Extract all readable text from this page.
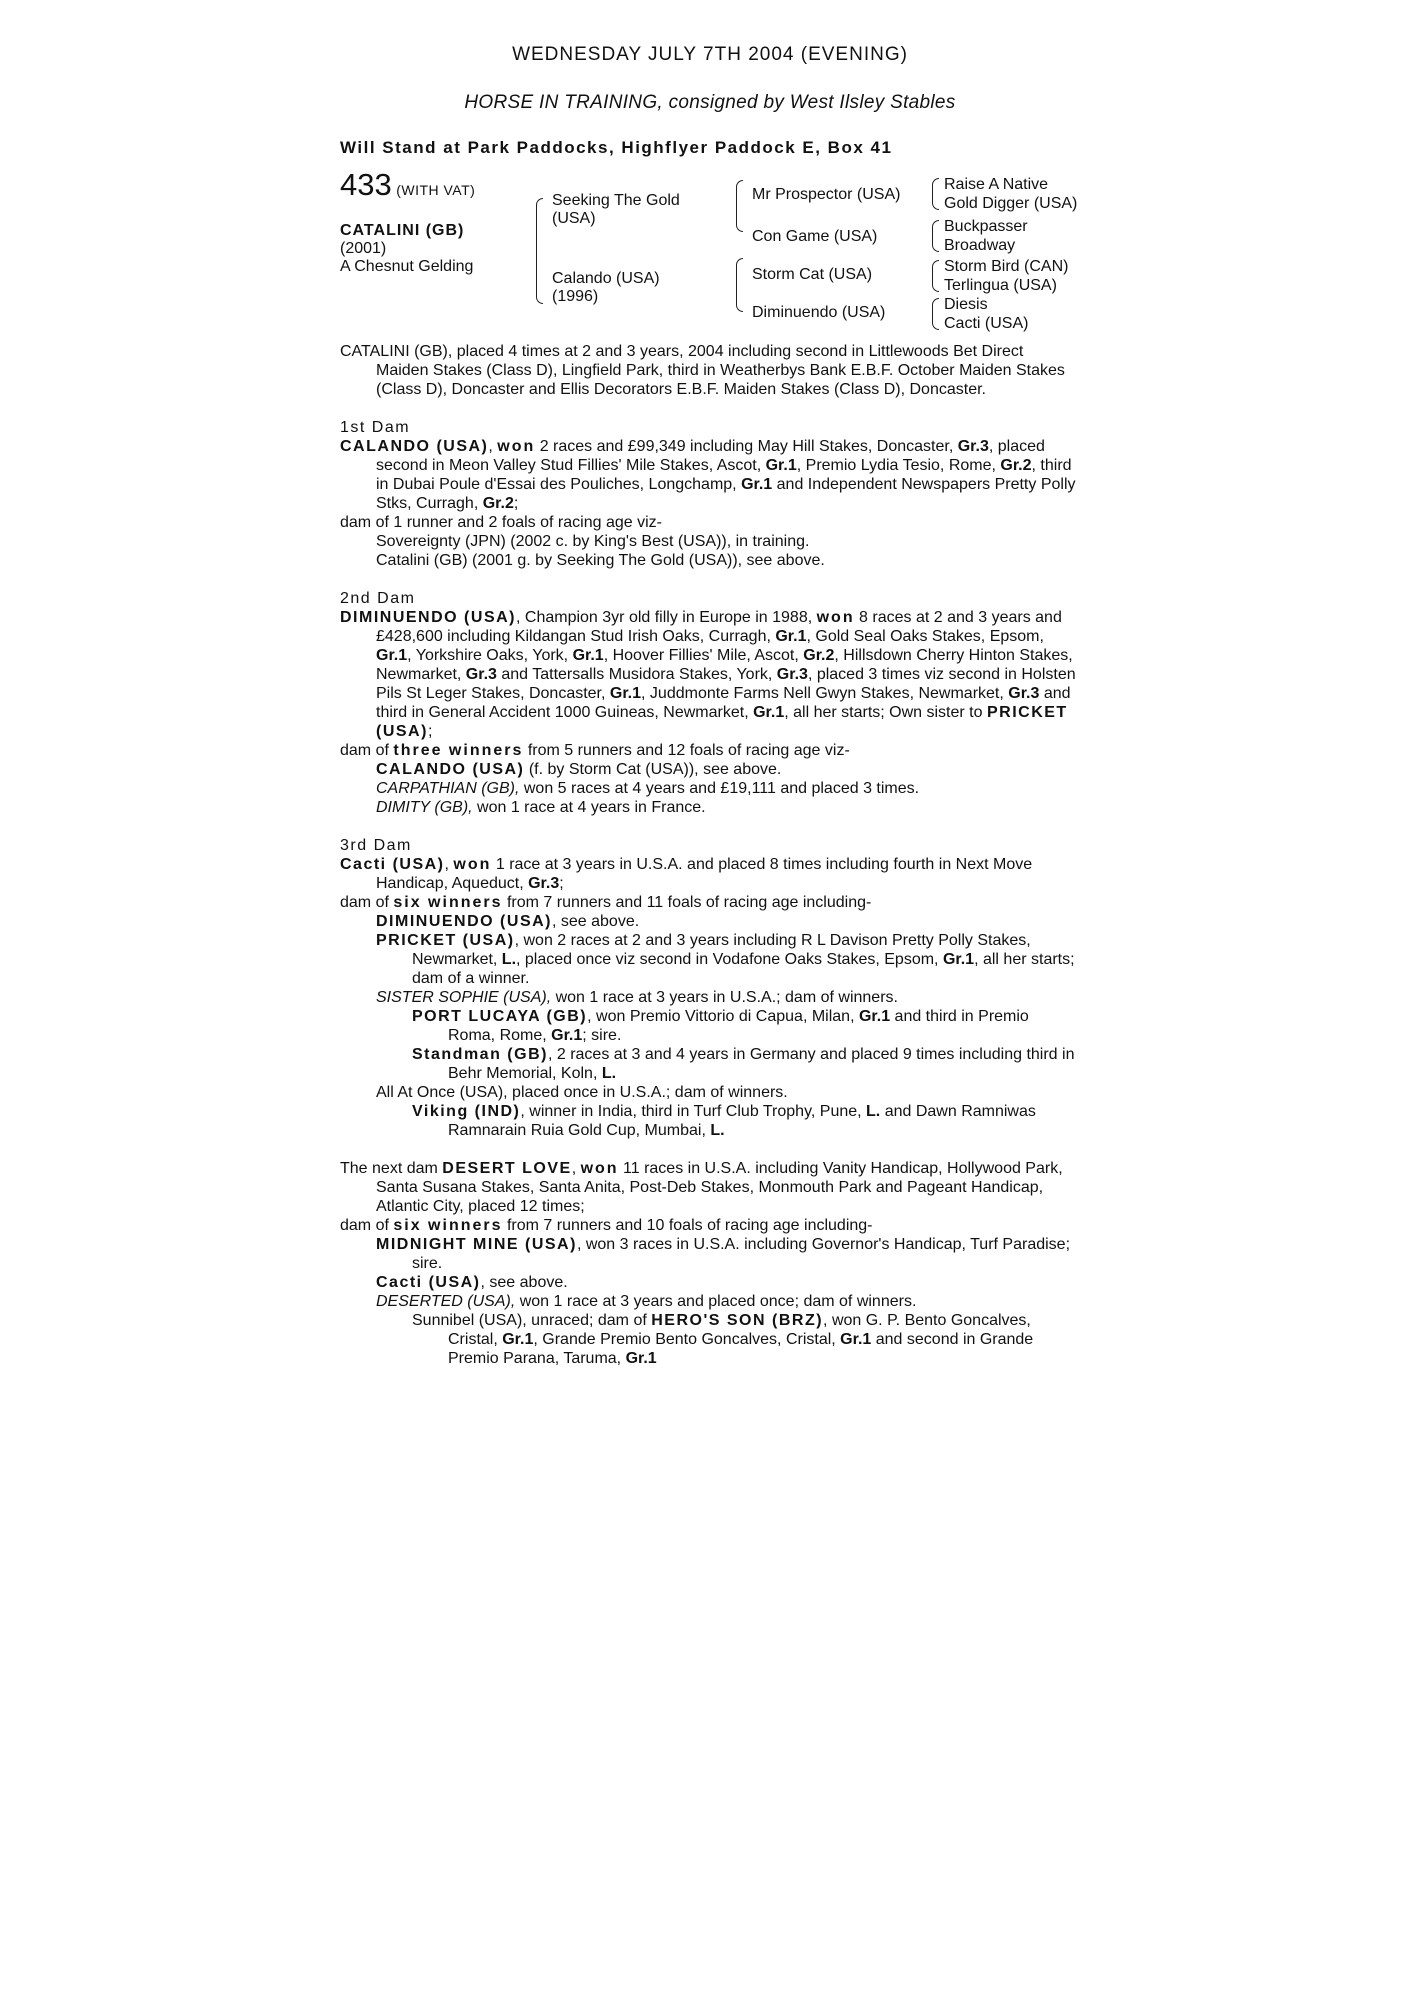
WEDNESDAY JULY 7TH 2004 (EVENING)
HORSE IN TRAINING, consigned by West Ilsley Stables
Will Stand at Park Paddocks, Highflyer Paddock E, Box 41
433 (WITH VAT)
CATALINI (GB)
(2001)
A Chesnut Gelding
Seeking The Gold
(USA)
Calando (USA)
(1996)
Mr Prospector (USA)
Con Game (USA)
Storm Cat (USA)
Diminuendo (USA)
Raise A Native
Gold Digger (USA)
Buckpasser
Broadway
Storm Bird (CAN)
Terlingua (USA)
Diesis
Cacti (USA)
CATALINI (GB), placed 4 times at 2 and 3 years, 2004 including second in Littlewoods Bet Direct Maiden Stakes (Class D), Lingfield Park, third in Weatherbys Bank E.B.F. October Maiden Stakes (Class D), Doncaster and Ellis Decorators E.B.F. Maiden Stakes (Class D), Doncaster.
1st Dam
CALANDO (USA), won 2 races and £99,349 including May Hill Stakes, Doncaster, Gr.3, placed second in Meon Valley Stud Fillies' Mile Stakes, Ascot, Gr.1, Premio Lydia Tesio, Rome, Gr.2, third in Dubai Poule d'Essai des Pouliches, Longchamp, Gr.1 and Independent Newspapers Pretty Polly Stks, Curragh, Gr.2;
dam of 1 runner and 2 foals of racing age viz-
Sovereignty (JPN) (2002 c. by King's Best (USA)), in training.
Catalini (GB) (2001 g. by Seeking The Gold (USA)), see above.
2nd Dam
DIMINUENDO (USA), Champion 3yr old filly in Europe in 1988, won 8 races at 2 and 3 years and £428,600 including Kildangan Stud Irish Oaks, Curragh, Gr.1, Gold Seal Oaks Stakes, Epsom, Gr.1, Yorkshire Oaks, York, Gr.1, Hoover Fillies' Mile, Ascot, Gr.2, Hillsdown Cherry Hinton Stakes, Newmarket, Gr.3 and Tattersalls Musidora Stakes, York, Gr.3, placed 3 times viz second in Holsten Pils St Leger Stakes, Doncaster, Gr.1, Juddmonte Farms Nell Gwyn Stakes, Newmarket, Gr.3 and third in General Accident 1000 Guineas, Newmarket, Gr.1, all her starts; Own sister to PRICKET (USA);
dam of three winners from 5 runners and 12 foals of racing age viz-
CALANDO (USA) (f. by Storm Cat (USA)), see above.
CARPATHIAN (GB), won 5 races at 4 years and £19,111 and placed 3 times.
DIMITY (GB), won 1 race at 4 years in France.
3rd Dam
Cacti (USA), won 1 race at 3 years in U.S.A. and placed 8 times including fourth in Next Move Handicap, Aqueduct, Gr.3;
dam of six winners from 7 runners and 11 foals of racing age including-
DIMINUENDO (USA), see above.
PRICKET (USA), won 2 races at 2 and 3 years including R L Davison Pretty Polly Stakes, Newmarket, L., placed once viz second in Vodafone Oaks Stakes, Epsom, Gr.1, all her starts; dam of a winner.
SISTER SOPHIE (USA), won 1 race at 3 years in U.S.A.; dam of winners.
PORT LUCAYA (GB), won Premio Vittorio di Capua, Milan, Gr.1 and third in Premio Roma, Rome, Gr.1; sire.
Standman (GB), 2 races at 3 and 4 years in Germany and placed 9 times including third in Behr Memorial, Koln, L.
All At Once (USA), placed once in U.S.A.; dam of winners.
Viking (IND), winner in India, third in Turf Club Trophy, Pune, L. and Dawn Ramniwas Ramnarain Ruia Gold Cup, Mumbai, L.
The next dam DESERT LOVE, won 11 races in U.S.A. including Vanity Handicap, Hollywood Park, Santa Susana Stakes, Santa Anita, Post-Deb Stakes, Monmouth Park and Pageant Handicap, Atlantic City, placed 12 times;
dam of six winners from 7 runners and 10 foals of racing age including-
MIDNIGHT MINE (USA), won 3 races in U.S.A. including Governor's Handicap, Turf Paradise; sire.
Cacti (USA), see above.
DESERTED (USA), won 1 race at 3 years and placed once; dam of winners.
Sunnibel (USA), unraced; dam of HERO'S SON (BRZ), won G. P. Bento Goncalves, Cristal, Gr.1, Grande Premio Bento Goncalves, Cristal, Gr.1 and second in Grande Premio Parana, Taruma, Gr.1
